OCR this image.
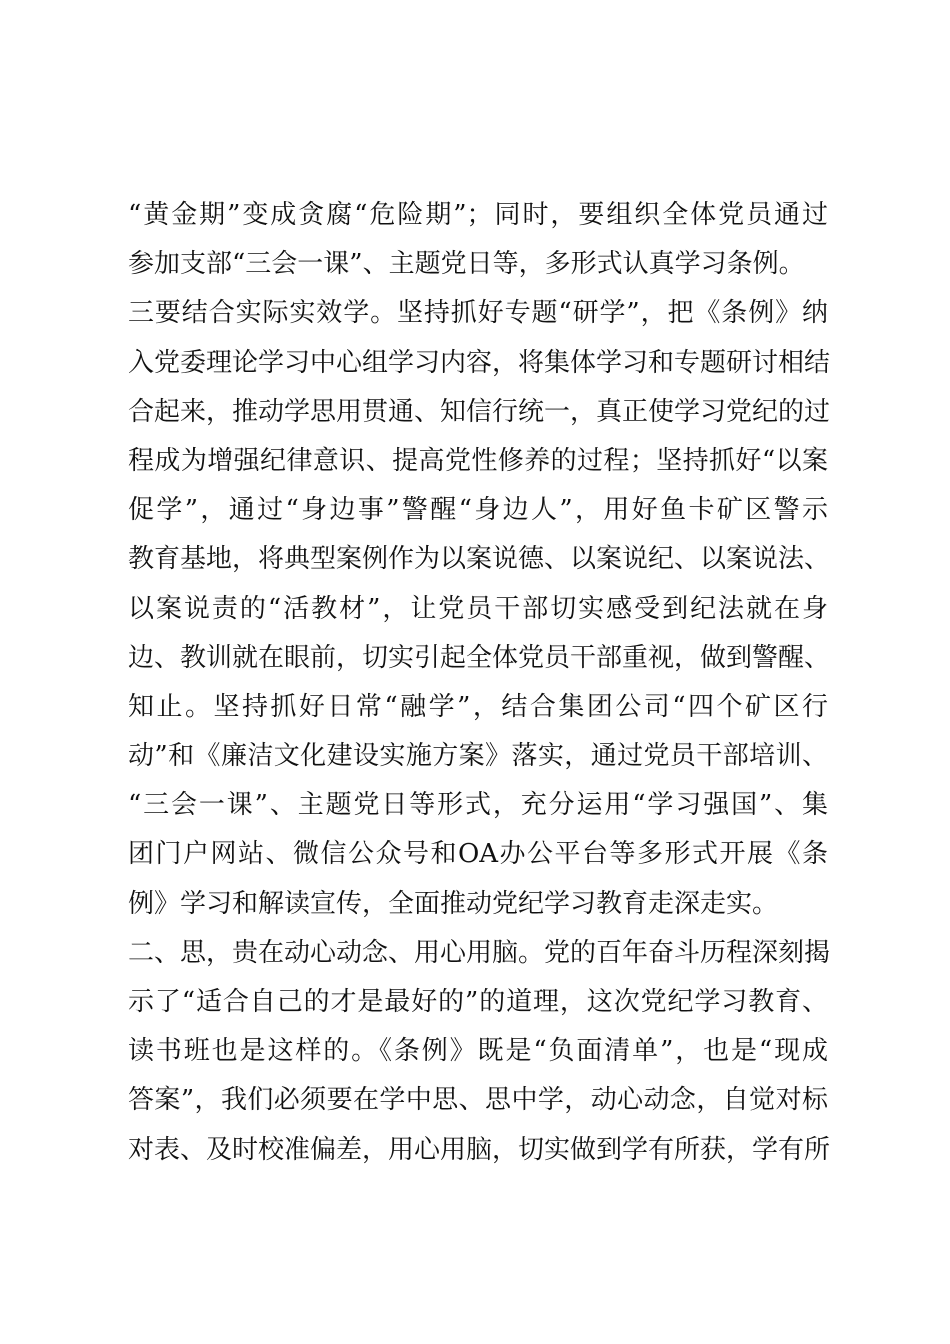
“黄金期”变成贪腐“危险期”；同时，要组织全体党员通过
参加支部“三会一课”、主题党日等，多形式认真学习条例。
三要结合实际实效学。坚持抓好专题“研学”，把《条例》纳
入党委理论学习中心组学习内容，将集体学习和专题研讨相结
合起来，推动学思用贯通、知信行统一，真正使学习党纪的过
程成为增强纪律意识、提高党性修养的过程；坚持抓好“以案
促学”，通过“身边事”警醒“身边人”，用好鱼卡矿区警示
教育基地，将典型案例作为以案说德、以案说纪、以案说法、
以案说责的“活教材”，让党员干部切实感受到纪法就在身
边、教训就在眼前，切实引起全体党员干部重视，做到警醒、
知止。坚持抓好日常“融学”，结合集团公司“四个矿区行
动”和《廉洁文化建设实施方案》落实，通过党员干部培训、
“三会一课”、主题党日等形式，充分运用“学习强国”、集
团门户网站、微信公众号和OA办公平台等多形式开展《条
例》学习和解读宣传，全面推动党纪学习教育走深走实。
二、思，贵在动心动念、用心用脑。党的百年奋斗历程深刻揭
示了“适合自己的才是最好的”的道理，这次党纪学习教育、
读书班也是这样的。《条例》既是“负面清单”，也是“现成
答案”，我们必须要在学中思、思中学，动心动念，自觉对标
对表、及时校准偏差，用心用脑，切实做到学有所获，学有所
